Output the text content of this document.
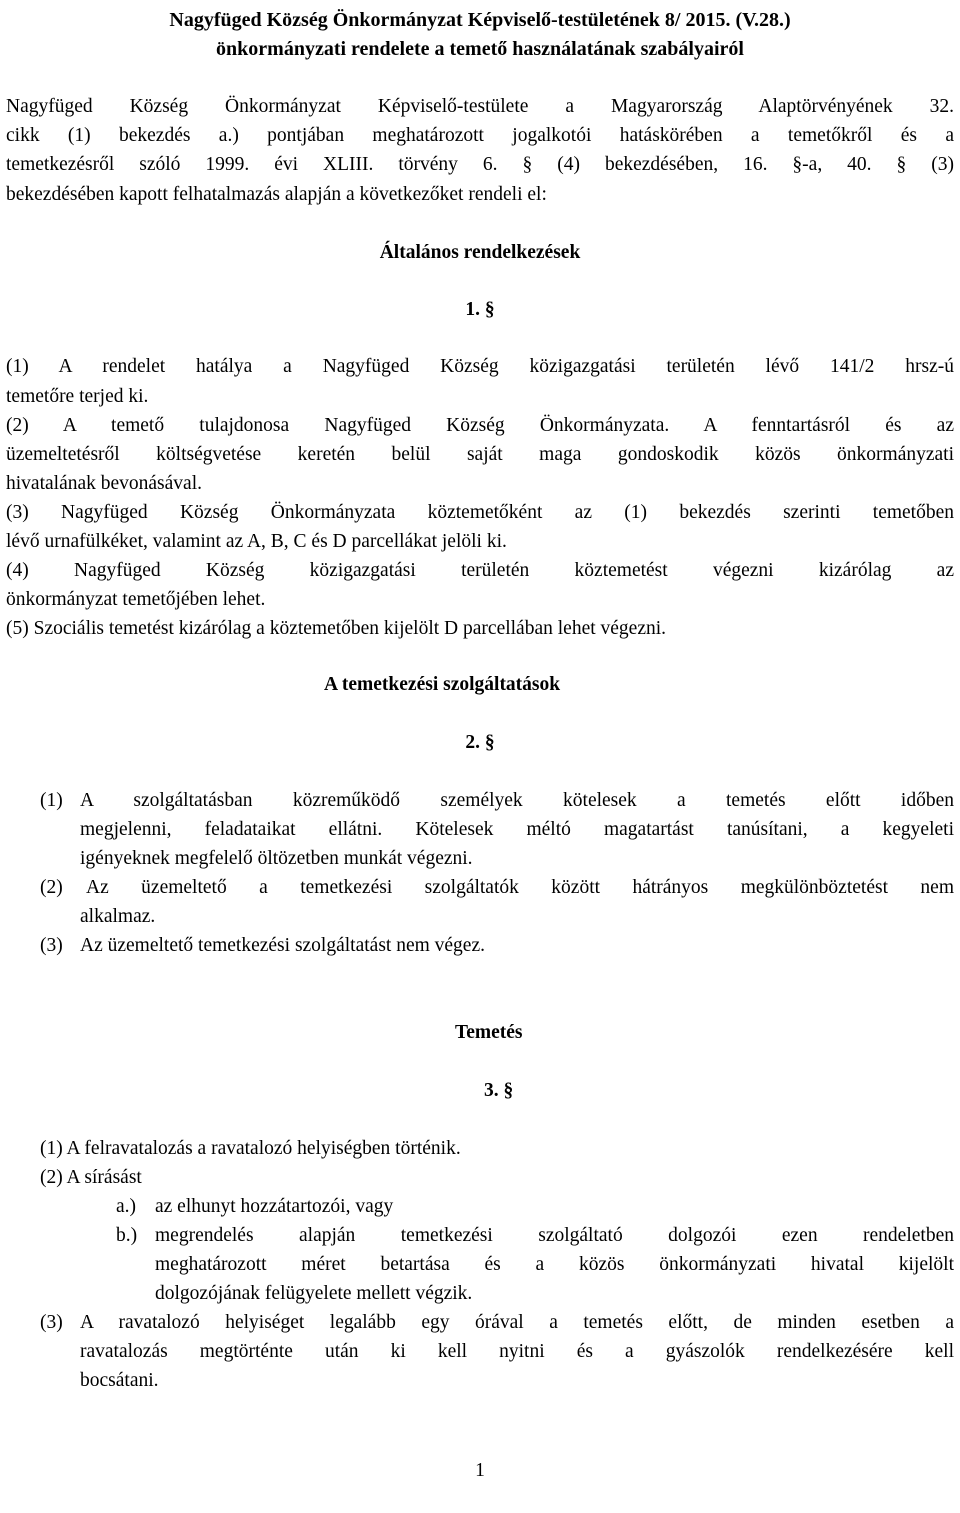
Nagyfüged Község Önkormányzat Képviselő-testületének 8/ 2015. (V.28.)
önkormányzati rendelete a temető használatának szabályairól
Nagyfüged Község Önkormányzat Képviselő-testülete a Magyarország Alaptörvényének 32.
cikk (1) bekezdés a.) pontjában meghatározott jogalkotói hatáskörében a temetőkről és a
temetkezésről szóló 1999. évi XLIII. törvény 6. § (4) bekezdésében, 16. §-a, 40. § (3)
bekezdésében kapott felhatalmazás alapján a következőket rendeli el:
Általános rendelkezések
1. §
(1) A rendelet hatálya a Nagyfüged Község közigazgatási területén lévő 141/2 hrsz-ú
temetőre terjed ki.
(2) A temető tulajdonosa Nagyfüged Község Önkormányzata. A fenntartásról és az
üzemeltetésről költségvetése keretén belül saját maga gondoskodik közös önkormányzati
hivatalának bevonásával.
(3) Nagyfüged Község Önkormányzata köztemetőként az (1) bekezdés szerinti temetőben
lévő urnafülkéket, valamint az A, B, C és D parcellákat jelöli ki.
(4) Nagyfüged Község közigazgatási területén köztemetést végezni kizárólag az
önkormányzat temetőjében lehet.
(5) Szociális temetést kizárólag a köztemetőben kijelölt D parcellában lehet végezni.
A temetkezési szolgáltatások
2. §
(1) A szolgáltatásban közreműködő személyek kötelesek a temetés előtt időben
megjelenni, feladataikat ellátni. Kötelesek méltó magatartást tanúsítani, a kegyeleti
igényeknek megfelelő öltözetben munkát végezni.
(2) Az üzemeltető a temetkezési szolgáltatók között hátrányos megkülönböztetést nem
alkalmaz.
(3) Az üzemeltető temetkezési szolgáltatást nem végez.
Temetés
3. §
(1) A felravatalozás a ravatalozó helyiségben történik.
(2) A sírásást
a.) az elhunyt hozzátartozói, vagy
b.) megrendelés alapján temetkezési szolgáltató dolgozói ezen rendeletben
meghatározott méret betartása és a közös önkormányzati hivatal kijelölt
dolgozójának felügyelete mellett végzik.
(3) A ravatalozó helyiséget legalább egy órával a temetés előtt, de minden esetben a
ravatalozás megtörténte után ki kell nyitni és a gyászolók rendelkezésére kell
bocsátani.
1
